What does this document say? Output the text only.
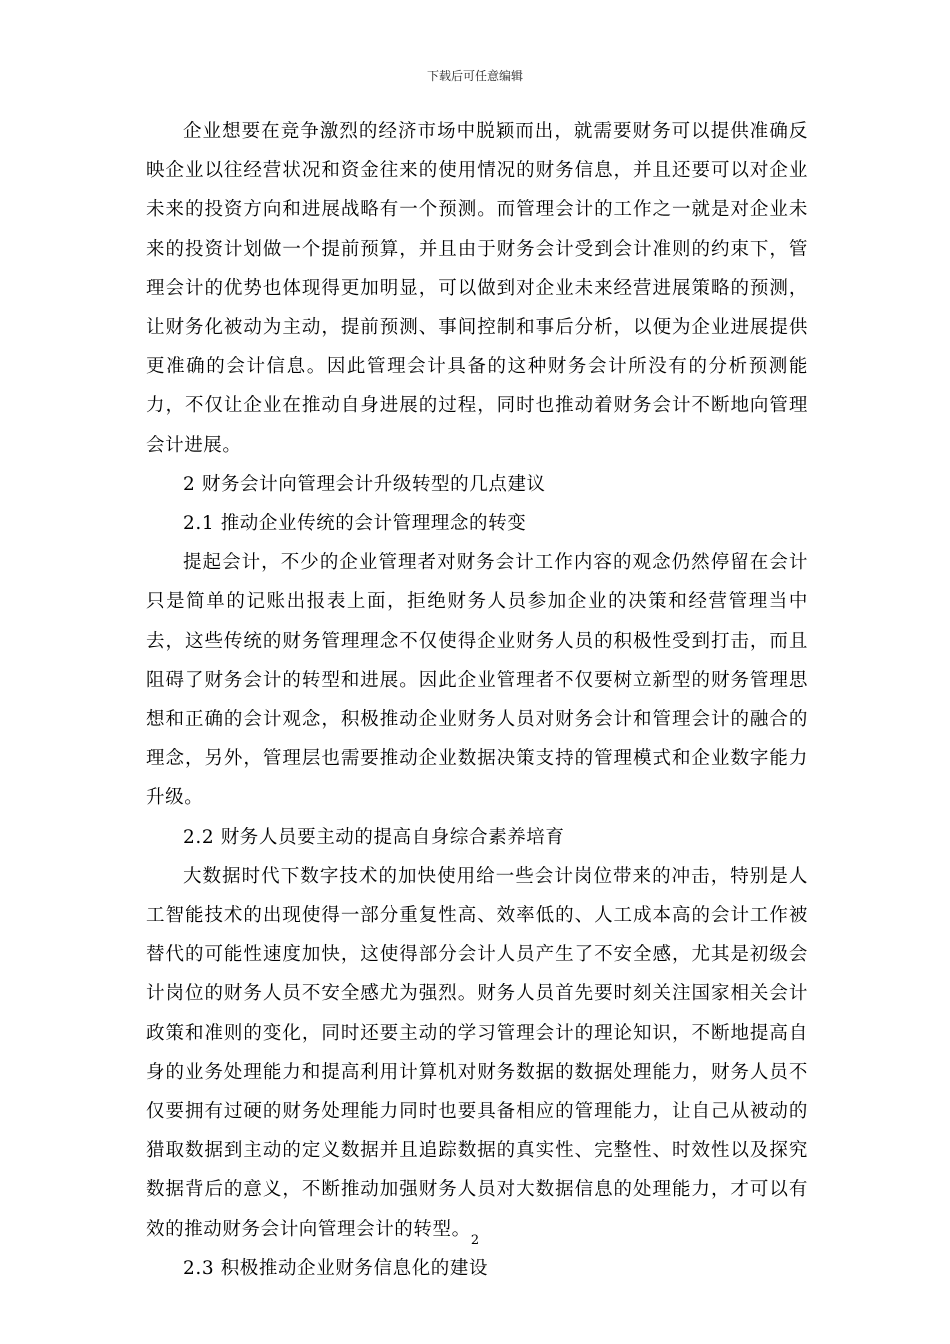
下载后可任意编辑

企业想要在竞争激烈的经济市场中脱颖而出，就需要财务可以提供准确反映企业以往经营状况和资金往来的使用情况的财务信息，并且还要可以对企业未来的投资方向和进展战略有一个预测。而管理会计的工作之一就是对企业未来的投资计划做一个提前预算，并且由于财务会计受到会计准则的约束下，管理会计的优势也体现得更加明显，可以做到对企业未来经营进展策略的预测，让财务化被动为主动，提前预测、事间控制和事后分析，以便为企业进展提供更准确的会计信息。因此管理会计具备的这种财务会计所没有的分析预测能力，不仅让企业在推动自身进展的过程，同时也推动着财务会计不断地向管理会计进展。

2 财务会计向管理会计升级转型的几点建议

2.1 推动企业传统的会计管理理念的转变

提起会计，不少的企业管理者对财务会计工作内容的观念仍然停留在会计只是简单的记账出报表上面，拒绝财务人员参加企业的决策和经营管理当中去，这些传统的财务管理理念不仅使得企业财务人员的积极性受到打击，而且阻碍了财务会计的转型和进展。因此企业管理者不仅要树立新型的财务管理思想和正确的会计观念，积极推动企业财务人员对财务会计和管理会计的融合的理念，另外，管理层也需要推动企业数据决策支持的管理模式和企业数字能力升级。

2.2 财务人员要主动的提高自身综合素养培育

大数据时代下数字技术的加快使用给一些会计岗位带来的冲击，特别是人工智能技术的出现使得一部分重复性高、效率低的、人工成本高的会计工作被替代的可能性速度加快，这使得部分会计人员产生了不安全感，尤其是初级会计岗位的财务人员不安全感尤为强烈。财务人员首先要时刻关注国家相关会计政策和准则的变化，同时还要主动的学习管理会计的理论知识，不断地提高自身的业务处理能力和提高利用计算机对财务数据的数据处理能力，财务人员不仅要拥有过硬的财务处理能力同时也要具备相应的管理能力，让自己从被动的猎取数据到主动的定义数据并且追踪数据的真实性、完整性、时效性以及探究数据背后的意义，不断推动加强财务人员对大数据信息的处理能力，才可以有效的推动财务会计向管理会计的转型。

2.3 积极推动企业财务信息化的建设

2
